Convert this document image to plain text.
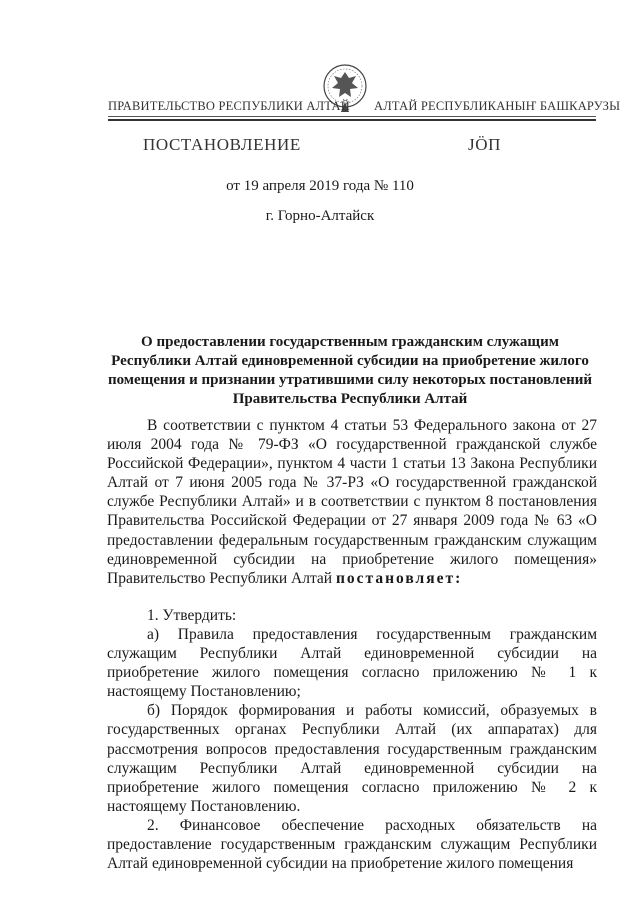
ПРАВИТЕЛЬСТВО РЕСПУБЛИКИ АЛТАЙ АЛТАЙ РЕСПУБЛИКАНЫҤ БАШКАРУЗЫ
ПОСТАНОВЛЕНИЕ	ЈӦП
от 19 апреля 2019 года № 110
г. Горно-Алтайск
О предоставлении государственным гражданским служащим Республики Алтай единовременной субсидии на приобретение жилого помещения и признании утратившими силу некоторых постановлений Правительства Республики Алтай

В соответствии с пунктом 4 статьи 53 Федерального закона от 27 июля 2004 года № 79-ФЗ «О государственной гражданской службе Российской Федерации», пунктом 4 части 1 статьи 13 Закона Республики Алтай от 7 июня 2005 года № 37-РЗ «О государственной гражданской службе Республики Алтай» и в соответствии с пунктом 8 постановления Правительства Российской Федерации от 27 января 2009 года № 63 «О предоставлении федеральным государственным гражданским служащим единовременной субсидии на приобретение жилого помещения» Правительство Республики Алтай постановляет:

1. Утвердить:

а) Правила предоставления государственным гражданским служащим Республики Алтай единовременной субсидии на приобретение жилого помещения согласно приложению № 1 к настоящему Постановлению;

б) Порядок формирования и работы комиссий, образуемых в государственных органах Республики Алтай (их аппаратах) для рассмотрения вопросов предоставления государственным гражданским служащим Республики Алтай единовременной субсидии на приобретение жилого помещения согласно приложению № 2 к настоящему Постановлению.

2. Финансовое обеспечение расходных обязательств на предоставление государственным гражданским служащим Республики Алтай единовременной субсидии на приобретение жилого помещения
